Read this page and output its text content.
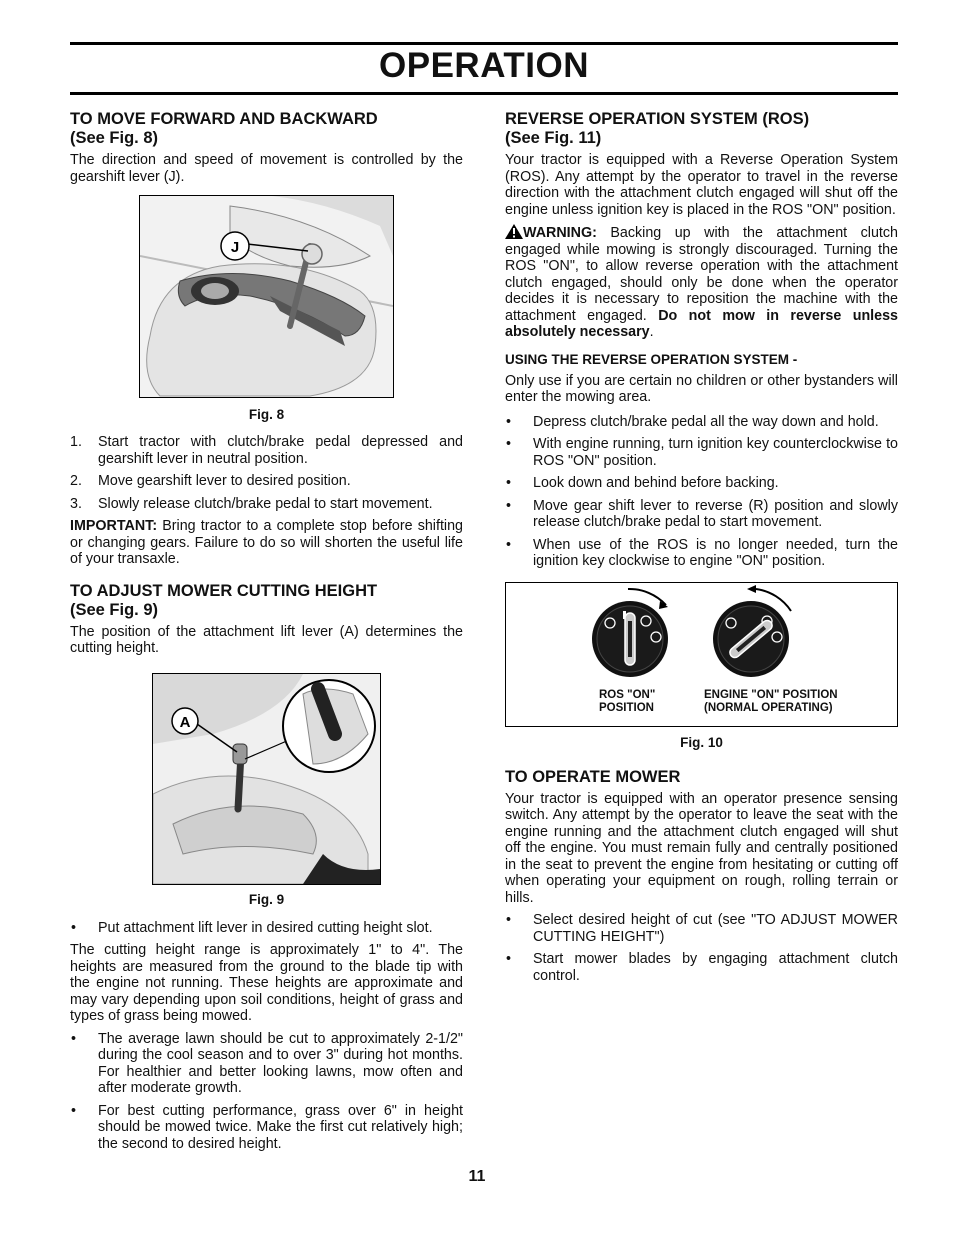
OPERATION
TO MOVE FORWARD AND BACKWARD
(See Fig. 8)

The direction and speed of movement is controlled by the gearshift lever (J).

J
Fig. 8
1. Start tractor with clutch/brake pedal depressed and gearshift lever in neutral position.
2. Move gearshift lever to desired position.
3. Slowly release clutch/brake pedal to start movement.

IMPORTANT: Bring tractor to a complete stop before shifting or changing gears. Failure to do so will shorten the useful life of your transaxle.

TO ADJUST MOWER CUTTING HEIGHT
(See Fig. 9)

The position of the attachment lift lever (A) determines the cutting height.

A
Fig. 9
• Put attachment lift lever in desired cutting height slot.

The cutting height range is approximately 1" to 4". The heights are measured from the ground to the blade tip with the engine not running. These heights are approximate and may vary depending upon soil conditions, height of grass and types of grass being mowed.

• The average lawn should be cut to approximately 2-1/2" during the cool season and to over 3" during hot months. For healthier and better looking lawns, mow often and after moderate growth.
• For best cutting performance, grass over 6" in height should be mowed twice. Make the first cut relatively high; the second to desired height.
REVERSE OPERATION SYSTEM (ROS)
(See Fig. 11)

Your tractor is equipped with a Reverse Operation System (ROS). Any attempt by the operator to travel in the reverse direction with the attachment clutch engaged will shut off the engine unless ignition key is placed in the ROS "ON" position.

WARNING: Backing up with the attachment clutch engaged while mowing is strongly discouraged. Turning the ROS "ON", to allow reverse operation with the attachment clutch engaged, should only be done when the operator decides it is necessary to reposition the machine with the attachment engaged. Do not mow in reverse unless absolutely necessary.

USING THE REVERSE OPERATION SYSTEM -

Only use if you are certain no children or other bystanders will enter the mowing area.

• Depress clutch/brake pedal all the way down and hold.
• With engine running, turn ignition key counterclockwise to ROS "ON" position.
• Look down and behind before backing.
• Move gear shift lever to reverse (R) position and slowly release clutch/brake pedal to start movement.
• When use of the ROS is no longer needed, turn the ignition key clockwise to engine "ON" position.
ROS "ON"
POSITION
ENGINE "ON" POSITION
(NORMAL OPERATING)
Fig. 10
TO OPERATE MOWER

Your tractor is equipped with an operator presence sensing switch. Any attempt by the operator to leave the seat with the engine running and the attachment clutch engaged will shut off the engine. You must remain fully and centrally positioned in the seat to prevent the engine from hesitating or cutting off when operating your equipment on rough, rolling terrain or hills.

• Select desired height of cut (see "TO ADJUST MOWER CUTTING HEIGHT")
• Start mower blades by engaging attachment clutch control.
11
